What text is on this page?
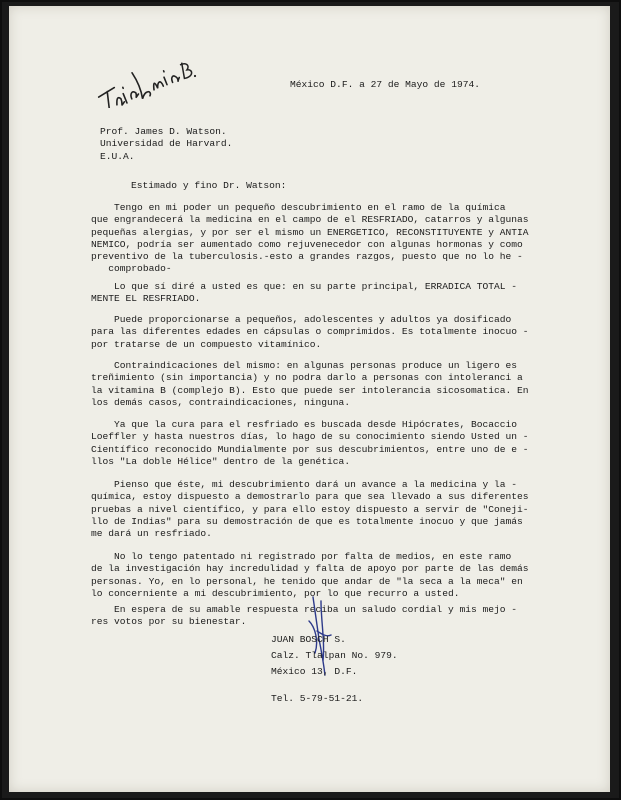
México D.F. a 27 de Mayo de 1974.
Prof. James D. Watson.
Universidad de Harvard.
E.U.A.
Estimado y fino Dr. Watson:
Tengo en mi poder un pequeño descubrimiento en el ramo de la química
que engrandecerá la medicina en el campo de el RESFRIADO, catarros y algunas
pequeñas alergias, y por ser el mismo un ENERGETICO, RECONSTITUYENTE y ANTIA
NEMICO, podría ser aumentado como rejuvenecedor con algunas hormonas y como
preventivo de la tuberculosis.-esto a grandes razgos, puesto que no lo he -
comprobado-
Lo que sí diré a usted es que: en su parte principal, ERRADICA TOTAL -
MENTE EL RESFRIADO.
Puede proporcionarse a pequeños, adolescentes y adultos ya dosificado
para las diferentes edades en cápsulas o comprimidos. Es totalmente inocuo -
por tratarse de un compuesto vitamínico.
Contraindicaciones del mismo: en algunas personas produce un ligero es
treñimiento (sin importancia) y no podra darlo a personas con intoleranci a
la vitamina B (complejo B). Esto que puede ser intolerancia sicosomatica. En
los demás casos, contraindicaciones, ninguna.
Ya que la cura para el resfriado es buscada desde Hipócrates, Bocaccio
Loeffler y hasta nuestros días, lo hago de su conocimiento siendo Usted un -
Científico reconocido Mundialmente por sus descubrimientos, entre uno de e -
llos "La doble Hélice" dentro de la genética.
Pienso que éste, mi descubrimiento dará un avance a la medicina y la -
química, estoy dispuesto a demostrarlo para que sea llevado a sus diferentes
pruebas a nivel científico, y para ello estoy dispuesto a servir de "Coneji-
llo de Indias" para su demostración de que es totalmente inocuo y que jamás
me dará un resfriado.
No lo tengo patentado ni registrado por falta de medios, en este ramo
de la investigación hay incredulidad y falta de apoyo por parte de las demás
personas. Yo, en lo personal, he tenido que andar de "la seca a la meca" en
lo concerniente a mi descubrimiento, por lo que recurro a usted.
En espera de su amable respuesta reciba un saludo cordial y mis mejo -
res votos por su bienestar.
JUAN BOSCH S.
Calz. Tlalpan No. 979.
México 13, D.F.
Tel. 5-79-51-21.
